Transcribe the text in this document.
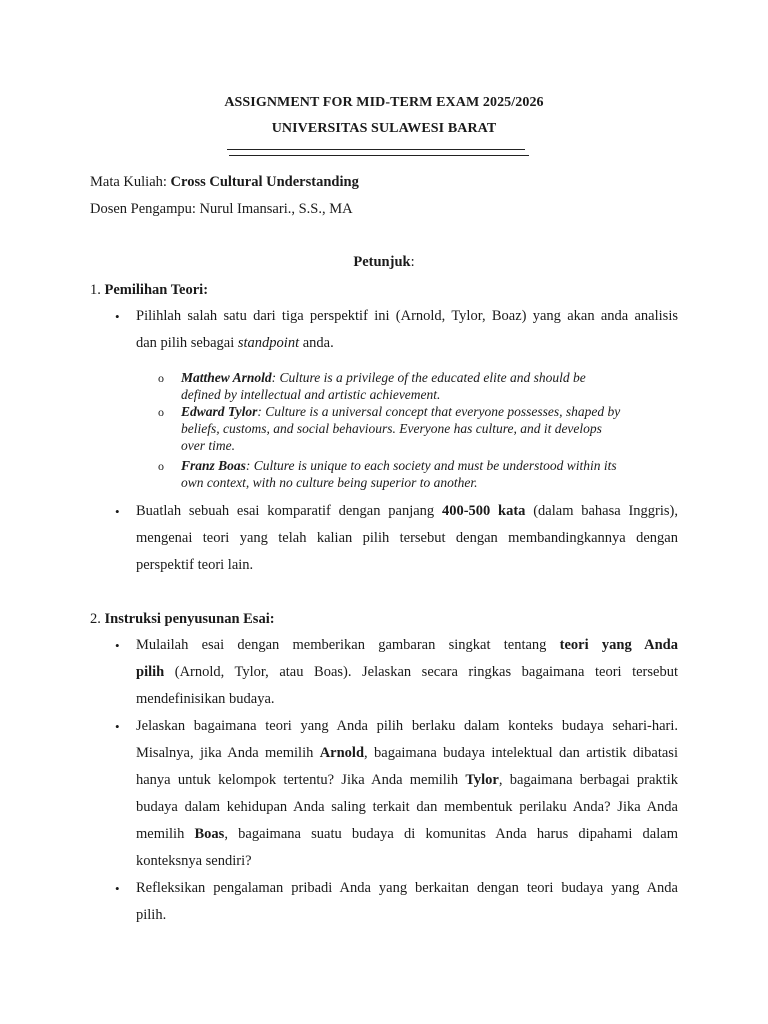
ASSIGNMENT FOR MID-TERM EXAM 2025/2026
UNIVERSITAS SULAWESI BARAT
Mata Kuliah: Cross Cultural Understanding
Dosen Pengampu: Nurul Imansari., S.S., MA
Petunjuk:
1. Pemilihan Teori:
• Pilihlah salah satu dari tiga perspektif ini (Arnold, Tylor, Boaz) yang akan anda analisis
dan pilih sebagai standpoint anda.
o Matthew Arnold: Culture is a privilege of the educated elite and should be
defined by intellectual and artistic achievement.
o Edward Tylor: Culture is a universal concept that everyone possesses, shaped by
beliefs, customs, and social behaviours. Everyone has culture, and it develops
over time.
o Franz Boas: Culture is unique to each society and must be understood within its
own context, with no culture being superior to another.
• Buatlah sebuah esai komparatif dengan panjang 400-500 kata (dalam bahasa Inggris),
mengenai teori yang telah kalian pilih tersebut dengan membandingkannya dengan
perspektif teori lain.
2. Instruksi penyusunan Esai:
• Mulailah esai dengan memberikan gambaran singkat tentang teori yang Anda
pilih (Arnold, Tylor, atau Boas). Jelaskan secara ringkas bagaimana teori tersebut
mendefinisikan budaya.
• Jelaskan bagaimana teori yang Anda pilih berlaku dalam konteks budaya sehari-hari.
Misalnya, jika Anda memilih Arnold, bagaimana budaya intelektual dan artistik dibatasi
hanya untuk kelompok tertentu? Jika Anda memilih Tylor, bagaimana berbagai praktik
budaya dalam kehidupan Anda saling terkait dan membentuk perilaku Anda? Jika Anda
memilih Boas, bagaimana suatu budaya di komunitas Anda harus dipahami dalam
konteksnya sendiri?
• Refleksikan pengalaman pribadi Anda yang berkaitan dengan teori budaya yang Anda
pilih.
